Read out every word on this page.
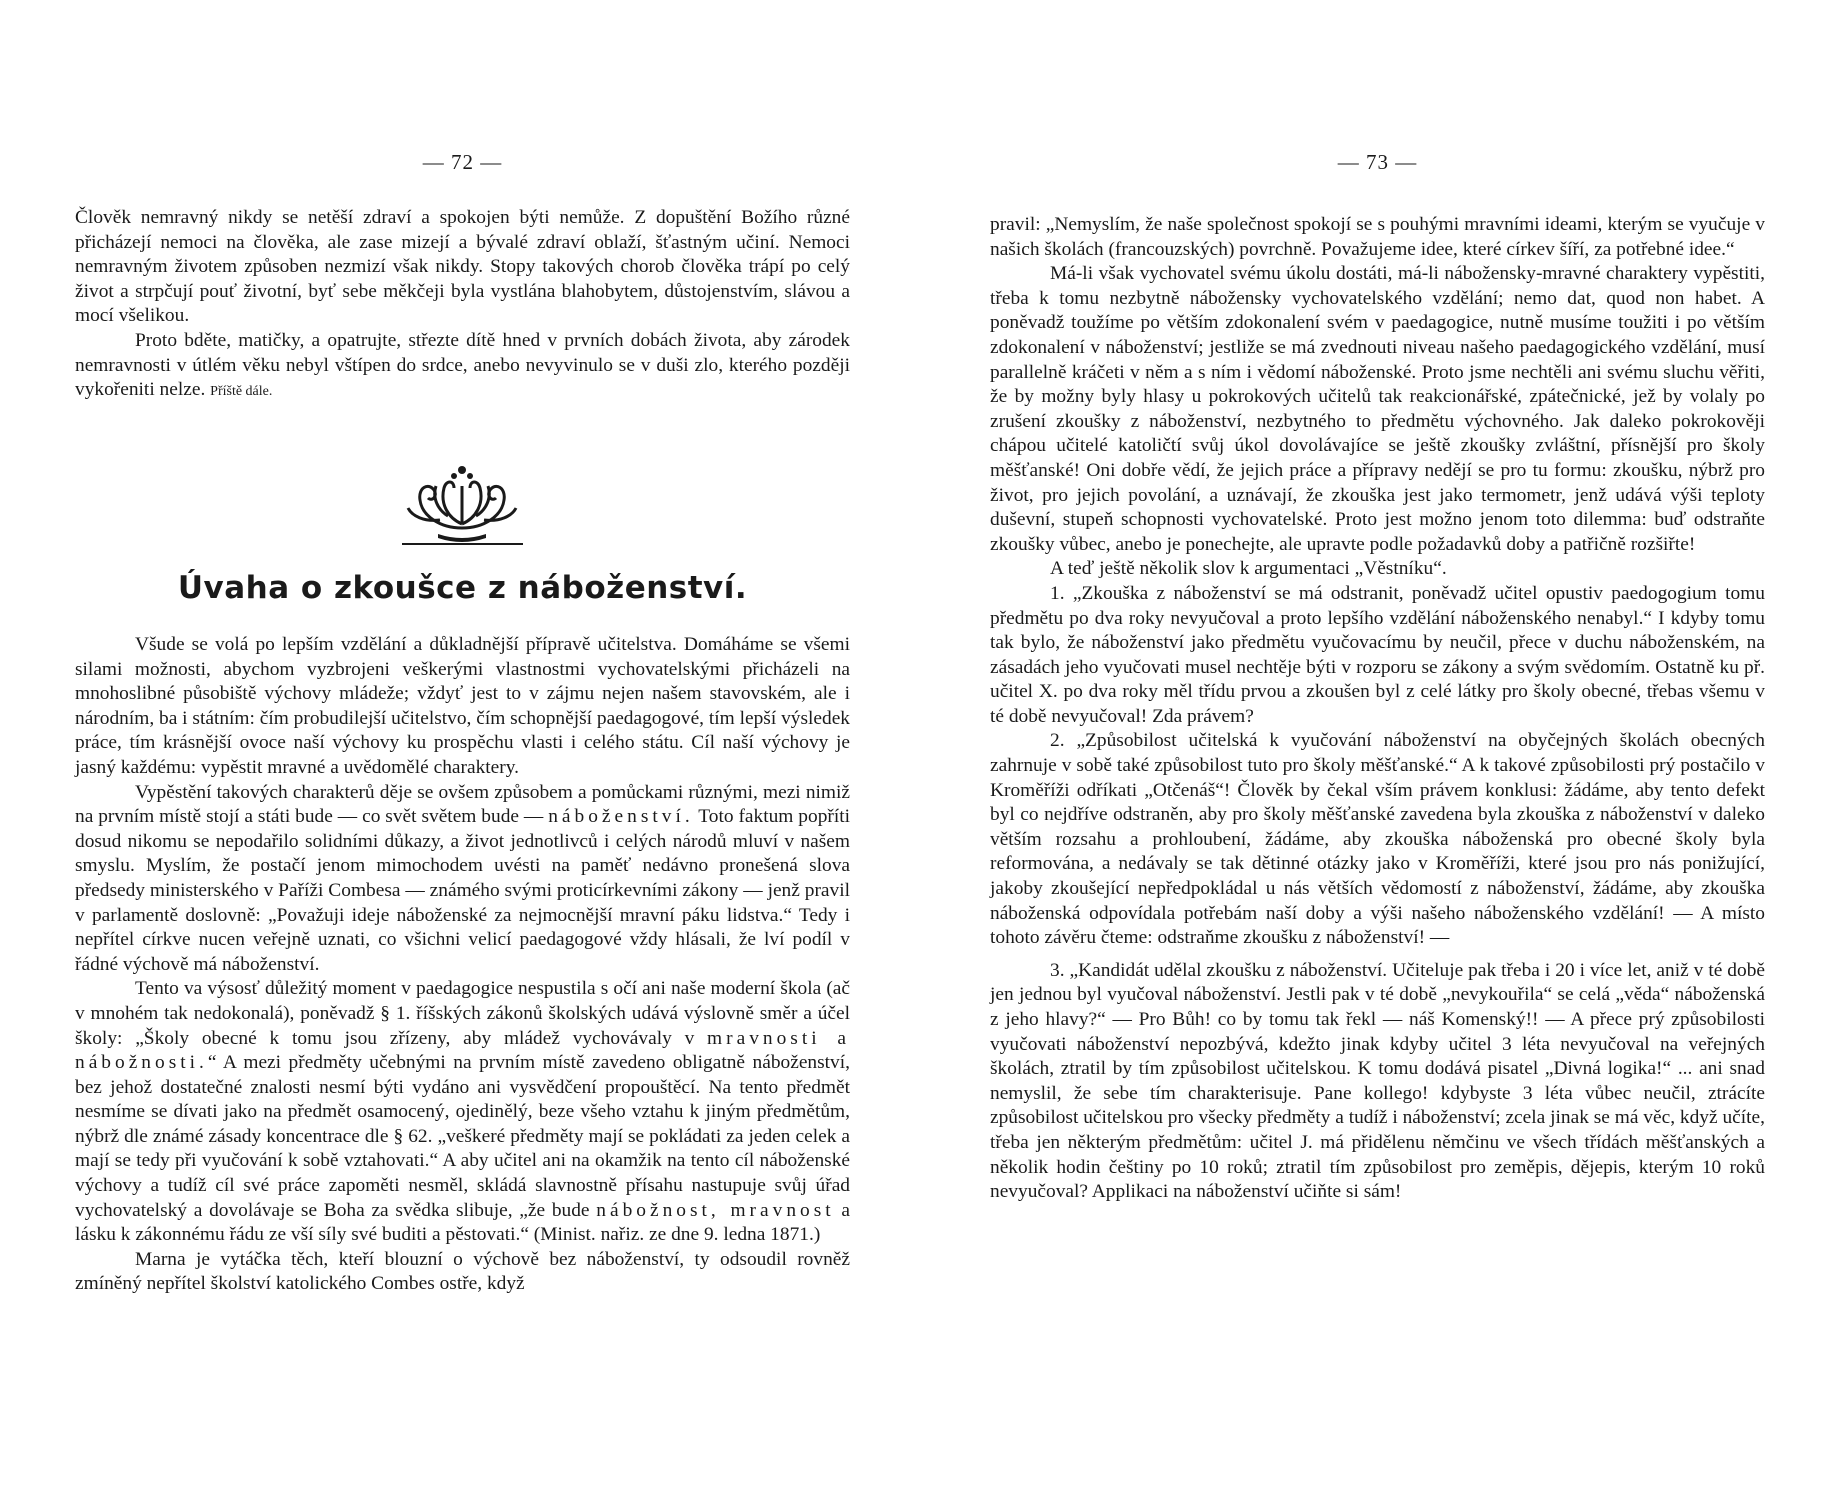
— 72 —

Člověk nemravný nikdy se netěší zdraví a spokojen býti nemůže. Z dopuštění Božího různé přicházejí nemoci na člověka, ale zase mizejí a bývalé zdraví oblaží, šťastným učiní. Nemoci nemravným životem způsoben nezmizí však nikdy. Stopy takových chorob člověka trápí po celý život a strpčují pouť životní, byť sebe měkčeji byla vystlána blahobytem, důstojenstvím, slávou a mocí všelikou.

Proto bděte, matičky, a opatrujte, střezte dítě hned v prvních dobách života, aby zárodek nemravnosti v útlém věku nebyl vštípen do srdce, anebo nevyvinulo se v duši zlo, kterého později vykořeniti nelze. Příště dále.

Úvaha o zkoušce z náboženství.

Všude se volá po lepším vzdělání a důkladnější přípravě učitelstva. Domáháme se všemi silami možnosti, abychom vyzbrojeni veškerými vlastnostmi vychovatelskými přicházeli na mnohoslibné působiště výchovy mládeže; vždyť jest to v zájmu nejen našem stavovském, ale i národním, ba i státním: čím probudilejší učitelstvo, čím schopnější paedagogové, tím lepší výsledek práce, tím krásnější ovoce naší výchovy ku prospěchu vlasti i celého státu. Cíl naší výchovy je jasný každému: vypěstit mravné a uvědomělé charaktery.

Vypěstění takových charakterů děje se ovšem způsobem a pomůckami různými, mezi nimiž na prvním místě stojí a státi bude — co svět světem bude — náboženství. Toto faktum popříti dosud nikomu se nepodařilo solidními důkazy, a život jednotlivců i celých národů mluví v našem smyslu. Myslím, že postačí jenom mimochodem uvésti na paměť nedávno pronešená slova předsedy ministerského v Paříži Combesa — známého svými proticírkevními zákony — jenž pravil v parlamentě doslovně: „Považuji ideje náboženské za nejmocnější mravní páku lidstva.“ Tedy i nepřítel církve nucen veřejně uznati, co všichni velicí paedagogové vždy hlásali, že lví podíl v řádné výchově má náboženství.

Tento va výsosť důležitý moment v paedagogice nespustila s očí ani naše moderní škola (ač v mnohém tak nedokonalá), poněvadž § 1. říšských zákonů školských udává výslovně směr a účel školy: „Školy obecné k tomu jsou zřízeny, aby mládež vychovávaly v mravnosti a nábožnosti.“ A mezi předměty učebnými na prvním místě zavedeno obligatně náboženství, bez jehož dostatečné znalosti nesmí býti vydáno ani vysvědčení propouštěcí. Na tento předmět nesmíme se dívati jako na předmět osamocený, ojedinělý, beze všeho vztahu k jiným předmětům, nýbrž dle známé zásady koncentrace dle § 62. „veškeré předměty mají se pokládati za jeden celek a mají se tedy při vyučování k sobě vztahovati.“ A aby učitel ani na okamžik na tento cíl náboženské výchovy a tudíž cíl své práce zapoměti nesměl, skládá slavnostně přísahu nastupuje svůj úřad vychovatelský a dovolávaje se Boha za svědka slibuje, „že bude nábožnost, mravnost a lásku k zákonnému řádu ze vší síly své buditi a pěstovati.“ (Minist. nařiz. ze dne 9. ledna 1871.)

Marna je vytáčka těch, kteří blouzní o výchově bez náboženství, ty odsoudil rovněž zmíněný nepřítel školství katolického Combes ostře, když

— 73 —

pravil: „Nemyslím, že naše společnost spokojí se s pouhými mravními ideami, kterým se vyučuje v našich školách (francouzských) povrchně. Považujeme idee, které církev šíří, za potřebné idee.“

Má-li však vychovatel svému úkolu dostáti, má-li nábožensky-mravné charaktery vypěstiti, třeba k tomu nezbytně nábožensky vychovatelského vzdělání; nemo dat, quod non habet. A poněvadž toužíme po větším zdokonalení svém v paedagogice, nutně musíme toužiti i po větším zdokonalení v náboženství; jestliže se má zvednouti niveau našeho paedagogického vzdělání, musí parallelně kráčeti v něm a s ním i vědomí náboženské. Proto jsme nechtěli ani svému sluchu věřiti, že by možny byly hlasy u pokrokových učitelů tak reakcionářské, zpátečnické, jež by volaly po zrušení zkoušky z náboženství, nezbytného to předmětu výchovného. Jak daleko pokrokověji chápou učitelé katoličtí svůj úkol dovolávajíce se ještě zkoušky zvláštní, přísnější pro školy měšťanské! Oni dobře vědí, že jejich práce a přípravy nedějí se pro tu formu: zkoušku, nýbrž pro život, pro jejich povolání, a uznávají, že zkouška jest jako termometr, jenž udává výši teploty duševní, stupeň schopnosti vychovatelské. Proto jest možno jenom toto dilemma: buď odstraňte zkoušky vůbec, anebo je ponechejte, ale upravte podle požadavků doby a patřičně rozšiřte!

A teď ještě několik slov k argumentaci „Věstníku“.

1. „Zkouška z náboženství se má odstranit, poněvadž učitel opustiv paedogogium tomu předmětu po dva roky nevyučoval a proto lepšího vzdělání náboženského nenabyl.“ I kdyby tomu tak bylo, že náboženství jako předmětu vyučovacímu by neučil, přece v duchu náboženském, na zásadách jeho vyučovati musel nechtěje býti v rozporu se zákony a svým svědomím. Ostatně ku př. učitel X. po dva roky měl třídu prvou a zkoušen byl z celé látky pro školy obecné, třebas všemu v té době nevyučoval! Zda právem?

2. „Způsobilost učitelská k vyučování náboženství na obyčejných školách obecných zahrnuje v sobě také způsobilost tuto pro školy měšťanské.“ A k takové způsobilosti prý postačilo v Kroměříži odříkati „Otčenáš“! Člověk by čekal vším právem konklusi: žádáme, aby tento defekt byl co nejdříve odstraněn, aby pro školy měšťanské zavedena byla zkouška z náboženství v daleko větším rozsahu a prohloubení, žádáme, aby zkouška náboženská pro obecné školy byla reformována, a nedávaly se tak dětinné otázky jako v Kroměříži, které jsou pro nás ponižující, jakoby zkoušející nepředpokládal u nás větších vědomostí z náboženství, žádáme, aby zkouška náboženská odpovídala potřebám naší doby a výši našeho náboženského vzdělání! — A místo tohoto závěru čteme: odstraňme zkoušku z náboženství! —

3. „Kandidát udělal zkoušku z náboženství. Učiteluje pak třeba i 20 i více let, aniž v té době jen jednou byl vyučoval náboženství. Jestli pak v té době „nevykouřila“ se celá „věda“ náboženská z jeho hlavy?“ — Pro Bůh! co by tomu tak řekl — náš Komenský!! — A přece prý způsobilosti vyučovati náboženství nepozbývá, kdežto jinak kdyby učitel 3 léta nevyučoval na veřejných školách, ztratil by tím způsobilost učitelskou. K tomu dodává pisatel „Divná logika!“ ... ani snad nemyslil, že sebe tím charakterisuje. Pane kollego! kdybyste 3 léta vůbec neučil, ztrácíte způsobilost učitelskou pro všecky předměty a tudíž i náboženství; zcela jinak se má věc, když učíte, třeba jen některým předmětům: učitel J. má přidělenu němčinu ve všech třídách měšťanských a několik hodin češtiny po 10 roků; ztratil tím způsobilost pro zeměpis, dějepis, kterým 10 roků nevyučoval? Applikaci na náboženství učiňte si sám!
